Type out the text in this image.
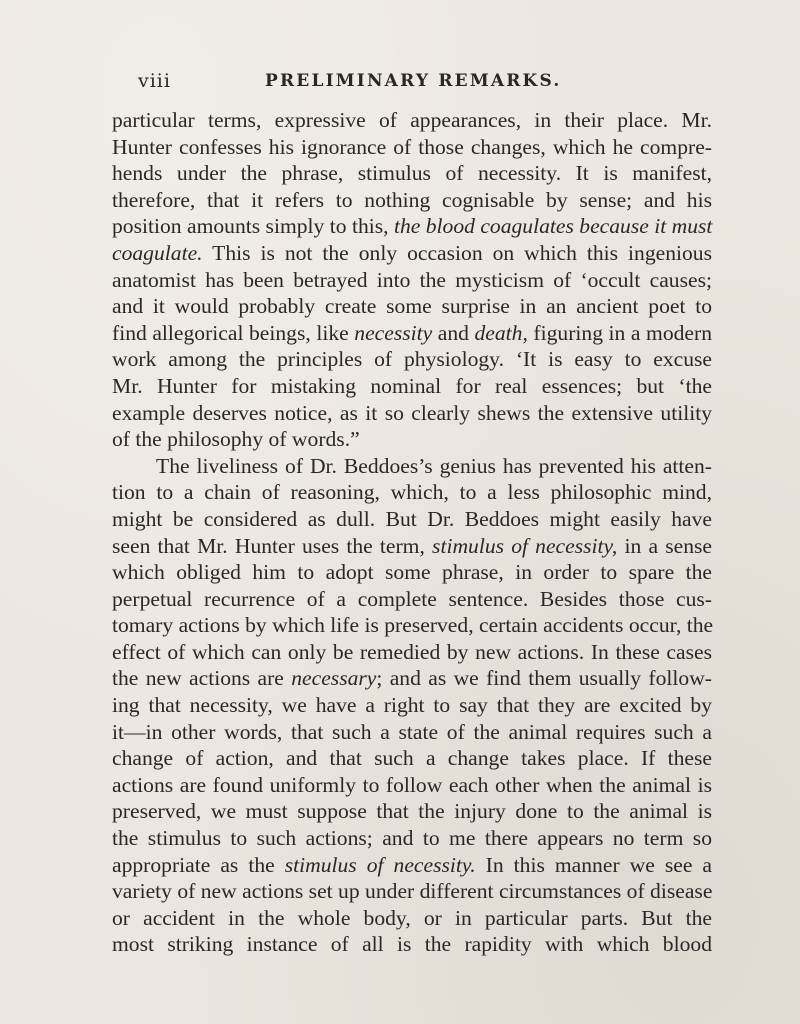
viii	PRELIMINARY REMARKS.
particular terms, expressive of appearances, in their place. Mr.
Hunter confesses his ignorance of those changes, which he compre-
hends under the phrase, stimulus of necessity. It is manifest,
therefore, that it refers to nothing cognisable by sense; and his
position amounts simply to this, the blood coagulates because it must
coagulate. This is not the only occasion on which this ingenious
anatomist has been betrayed into the mysticism of ‘occult causes;
and it would probably create some surprise in an ancient poet to
find allegorical beings, like necessity and death, figuring in a modern
work among the principles of physiology. ‘It is easy to excuse
Mr. Hunter for mistaking nominal for real essences; but ‘the
example deserves notice, as it so clearly shews the extensive utility
of the philosophy of words.”
The liveliness of Dr. Beddoes’s genius has prevented his atten-
tion to a chain of reasoning, which, to a less philosophic mind,
might be considered as dull. But Dr. Beddoes might easily have
seen that Mr. Hunter uses the term, stimulus of necessity, in a sense
which obliged him to adopt some phrase, in order to spare the
perpetual recurrence of a complete sentence. Besides those cus-
tomary actions by which life is preserved, certain accidents occur, the
effect of which can only be remedied by new actions. In these cases
the new actions are necessary; and as we find them usually follow-
ing that necessity, we have a right to say that they are excited by
it—in other words, that such a state of the animal requires such a
change of action, and that such a change takes place. If these
actions are found uniformly to follow each other when the animal is
preserved, we must suppose that the injury done to the animal is
the stimulus to such actions; and to me there appears no term so
appropriate as the stimulus of necessity. In this manner we see a
variety of new actions set up under different circumstances of disease
or accident in the whole body, or in particular parts. But the
most striking instance of all is the rapidity with which blood
